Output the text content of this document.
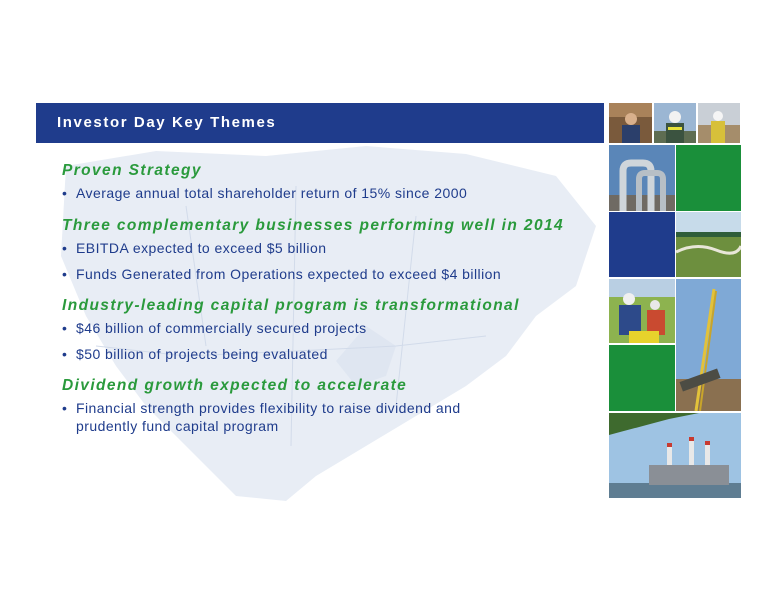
Investor Day Key Themes

Proven Strategy

• Average annual total shareholder return of 15% since 2000

Three complementary businesses performing well in 2014

• EBITDA expected to exceed $5 billion

• Funds Generated from Operations expected to exceed $4 billion

Industry-leading capital program is transformational

• $46 billion of commercially secured projects

• $50 billion of projects being evaluated

Dividend growth expected to accelerate

• Financial strength provides flexibility to raise dividend and prudently fund capital program
